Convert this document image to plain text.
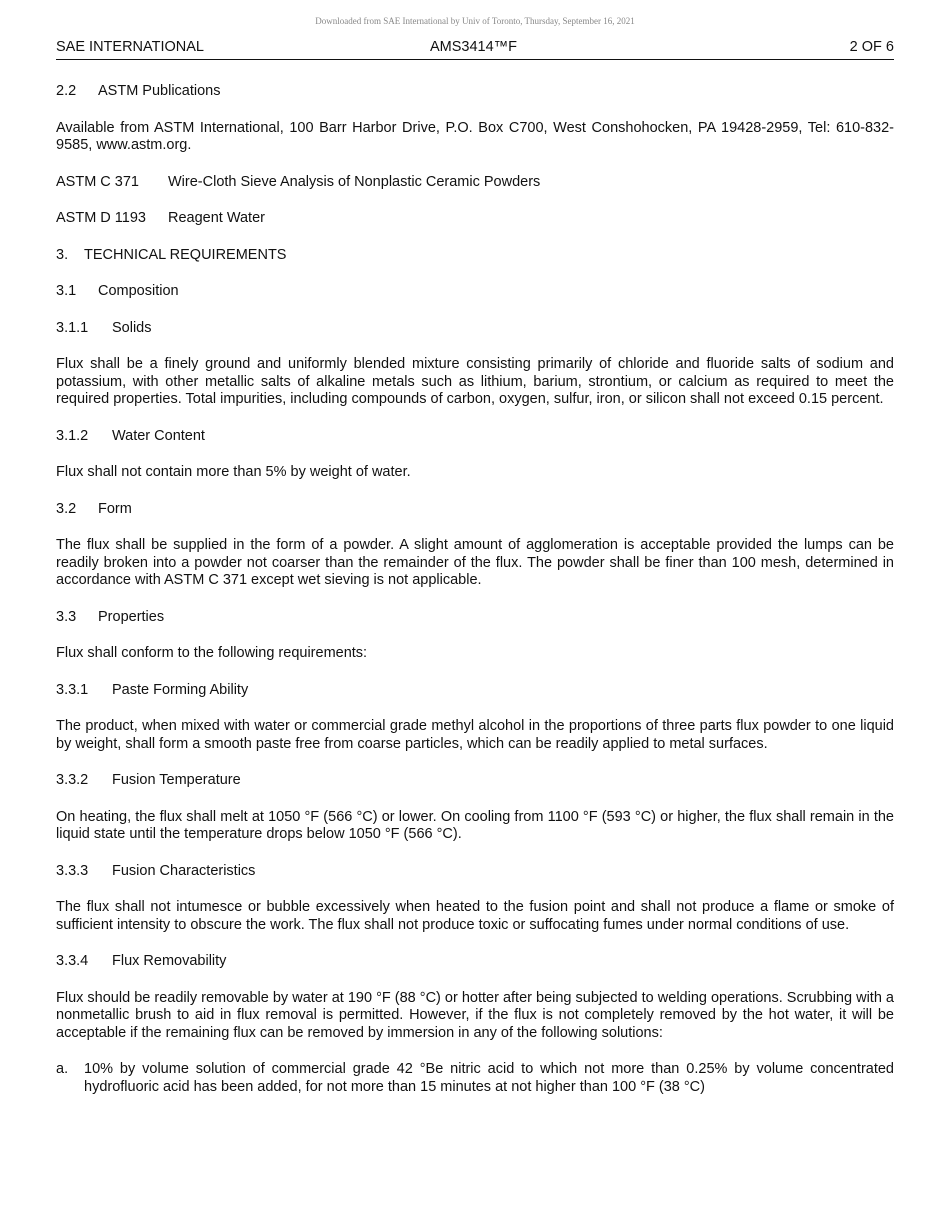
Downloaded from SAE International by Univ of Toronto, Thursday, September 16, 2021
SAE INTERNATIONAL	AMS3414™F	2 OF 6
2.2 ASTM Publications

Available from ASTM International, 100 Barr Harbor Drive, P.O. Box C700, West Conshohocken, PA 19428-2959, Tel: 610-832-9585, www.astm.org.

ASTM C 371 Wire-Cloth Sieve Analysis of Nonplastic Ceramic Powders
ASTM D 1193 Reagent Water
3. TECHNICAL REQUIREMENTS
3.1 Composition
3.1.1 Solids

Flux shall be a finely ground and uniformly blended mixture consisting primarily of chloride and fluoride salts of sodium and potassium, with other metallic salts of alkaline metals such as lithium, barium, strontium, or calcium as required to meet the required properties. Total impurities, including compounds of carbon, oxygen, sulfur, iron, or silicon shall not exceed 0.15 percent.

3.1.2 Water Content

Flux shall not contain more than 5% by weight of water.

3.2 Form

The flux shall be supplied in the form of a powder. A slight amount of agglomeration is acceptable provided the lumps can be readily broken into a powder not coarser than the remainder of the flux. The powder shall be finer than 100 mesh, determined in accordance with ASTM C 371 except wet sieving is not applicable.

3.3 Properties

Flux shall conform to the following requirements:

3.3.1 Paste Forming Ability

The product, when mixed with water or commercial grade methyl alcohol in the proportions of three parts flux powder to one liquid by weight, shall form a smooth paste free from coarse particles, which can be readily applied to metal surfaces.

3.3.2 Fusion Temperature

On heating, the flux shall melt at 1050 °F (566 °C) or lower. On cooling from 1100 °F (593 °C) or higher, the flux shall remain in the liquid state until the temperature drops below 1050 °F (566 °C).

3.3.3 Fusion Characteristics

The flux shall not intumesce or bubble excessively when heated to the fusion point and shall not produce a flame or smoke of sufficient intensity to obscure the work. The flux shall not produce toxic or suffocating fumes under normal conditions of use.

3.3.4 Flux Removability

Flux should be readily removable by water at 190 °F (88 °C) or hotter after being subjected to welding operations. Scrubbing with a nonmetallic brush to aid in flux removal is permitted. However, if the flux is not completely removed by the hot water, it will be acceptable if the remaining flux can be removed by immersion in any of the following solutions:

a. 10% by volume solution of commercial grade 42 °Be nitric acid to which not more than 0.25% by volume concentrated hydrofluoric acid has been added, for not more than 15 minutes at not higher than 100 °F (38 °C)
